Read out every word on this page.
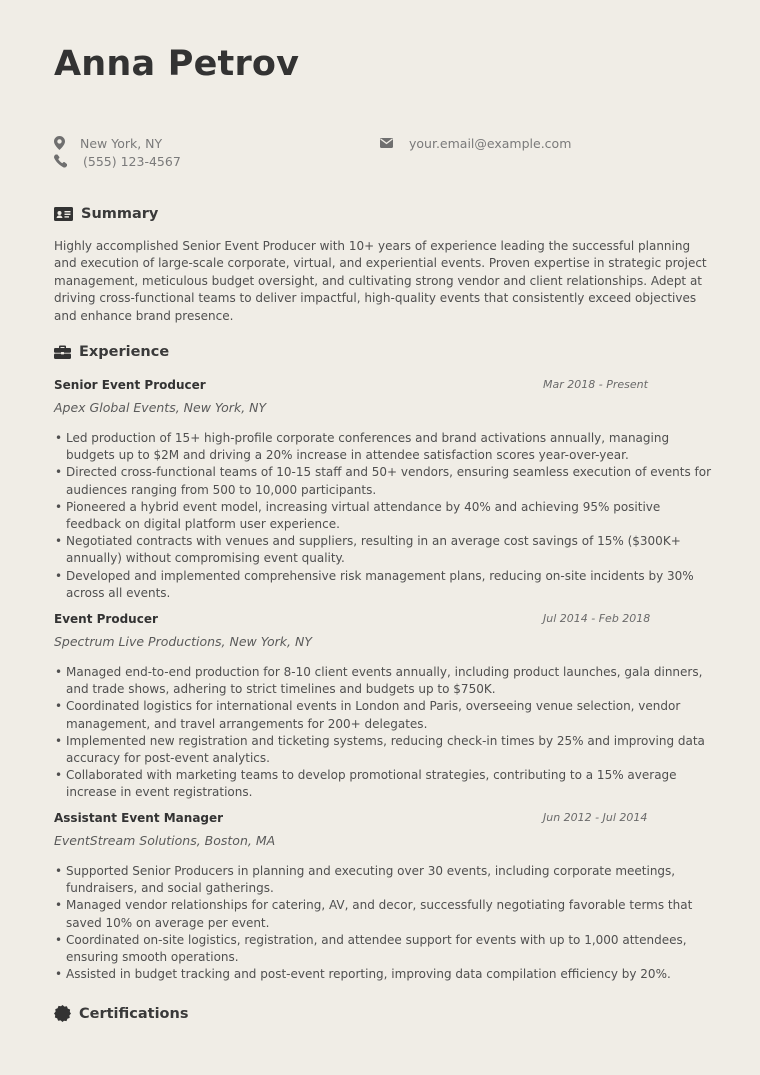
Anna Petrov
New York, NY
(555) 123-4567
your.email@example.com
Summary

Highly accomplished Senior Event Producer with 10+ years of experience leading the successful planning and execution of large-scale corporate, virtual, and experiential events. Proven expertise in strategic project management, meticulous budget oversight, and cultivating strong vendor and client relationships. Adept at driving cross-functional teams to deliver impactful, high-quality events that consistently exceed objectives and enhance brand presence.

Experience
Senior Event Producer	Mar 2018 - Present
Apex Global Events, New York, NY
• Led production of 15+ high-profile corporate conferences and brand activations annually, managing budgets up to $2M and driving a 20% increase in attendee satisfaction scores year-over-year.
• Directed cross-functional teams of 10-15 staff and 50+ vendors, ensuring seamless execution of events for audiences ranging from 500 to 10,000 participants.
• Pioneered a hybrid event model, increasing virtual attendance by 40% and achieving 95% positive feedback on digital platform user experience.
• Negotiated contracts with venues and suppliers, resulting in an average cost savings of 15% ($300K+ annually) without compromising event quality.
• Developed and implemented comprehensive risk management plans, reducing on-site incidents by 30% across all events.
Event Producer	Jul 2014 - Feb 2018
Spectrum Live Productions, New York, NY
• Managed end-to-end production for 8-10 client events annually, including product launches, gala dinners, and trade shows, adhering to strict timelines and budgets up to $750K.
• Coordinated logistics for international events in London and Paris, overseeing venue selection, vendor management, and travel arrangements for 200+ delegates.
• Implemented new registration and ticketing systems, reducing check-in times by 25% and improving data accuracy for post-event analytics.
• Collaborated with marketing teams to develop promotional strategies, contributing to a 15% average increase in event registrations.
Assistant Event Manager	Jun 2012 - Jul 2014
EventStream Solutions, Boston, MA
• Supported Senior Producers in planning and executing over 30 events, including corporate meetings, fundraisers, and social gatherings.
• Managed vendor relationships for catering, AV, and decor, successfully negotiating favorable terms that saved 10% on average per event.
• Coordinated on-site logistics, registration, and attendee support for events with up to 1,000 attendees, ensuring smooth operations.
• Assisted in budget tracking and post-event reporting, improving data compilation efficiency by 20%.
Certifications
